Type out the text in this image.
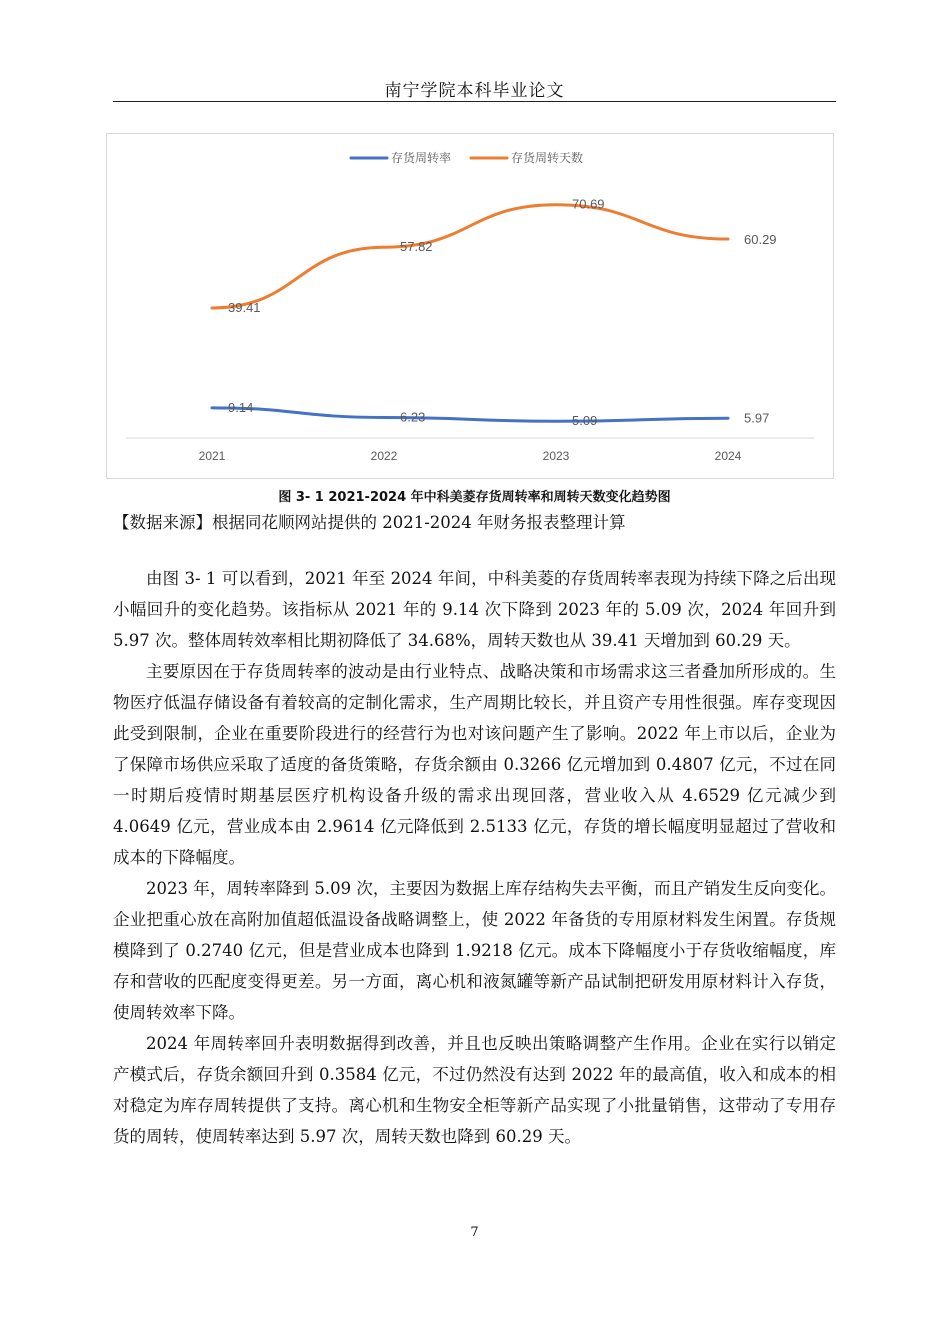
南宁学院本科毕业论文
2021	2022	2023	2024
存货周转率	存货周转天数
9.14
6.23	5.09	5.97
39.41
57.82
70.69
60.29
图 3- 1 2021-2024 年中科美菱存货周转率和周转天数变化趋势图
【数据来源】根据同花顺网站提供的 2021-2024 年财务报表整理计算

由图 3- 1 可以看到，2021 年至 2024 年间，中科美菱的存货周转率表现为持续下降之后出现小幅回升的变化趋势。该指标从 2021 年的 9.14 次下降到 2023 年的 5.09 次，2024 年回升到 5.97 次。整体周转效率相比期初降低了 34.68%，周转天数也从 39.41 天增加到 60.29 天。

主要原因在于存货周转率的波动是由行业特点、战略决策和市场需求这三者叠加所形成的。生物医疗低温存储设备有着较高的定制化需求，生产周期比较长，并且资产专用性很强。库存变现因此受到限制，企业在重要阶段进行的经营行为也对该问题产生了影响。2022 年上市以后，企业为了保障市场供应采取了适度的备货策略，存货余额由 0.3266 亿元增加到 0.4807 亿元，不过在同一时期后疫情时期基层医疗机构设备升级的需求出现回落，营业收入从 4.6529 亿元减少到 4.0649 亿元，营业成本由 2.9614 亿元降低到 2.5133 亿元，存货的增长幅度明显超过了营收和成本的下降幅度。

2023 年，周转率降到 5.09 次，主要因为数据上库存结构失去平衡，而且产销发生反向变化。企业把重心放在高附加值超低温设备战略调整上，使 2022 年备货的专用原材料发生闲置。存货规模降到了 0.2740 亿元，但是营业成本也降到 1.9218 亿元。成本下降幅度小于存货收缩幅度，库存和营收的匹配度变得更差。另一方面，离心机和液氮罐等新产品试制把研发用原材料计入存货，使周转效率下降。

2024 年周转率回升表明数据得到改善，并且也反映出策略调整产生作用。企业在实行以销定产模式后，存货余额回升到 0.3584 亿元，不过仍然没有达到 2022 年的最高值，收入和成本的相对稳定为库存周转提供了支持。离心机和生物安全柜等新产品实现了小批量销售，这带动了专用存货的周转，使周转率达到 5.97 次，周转天数也降到 60.29 天。

7
